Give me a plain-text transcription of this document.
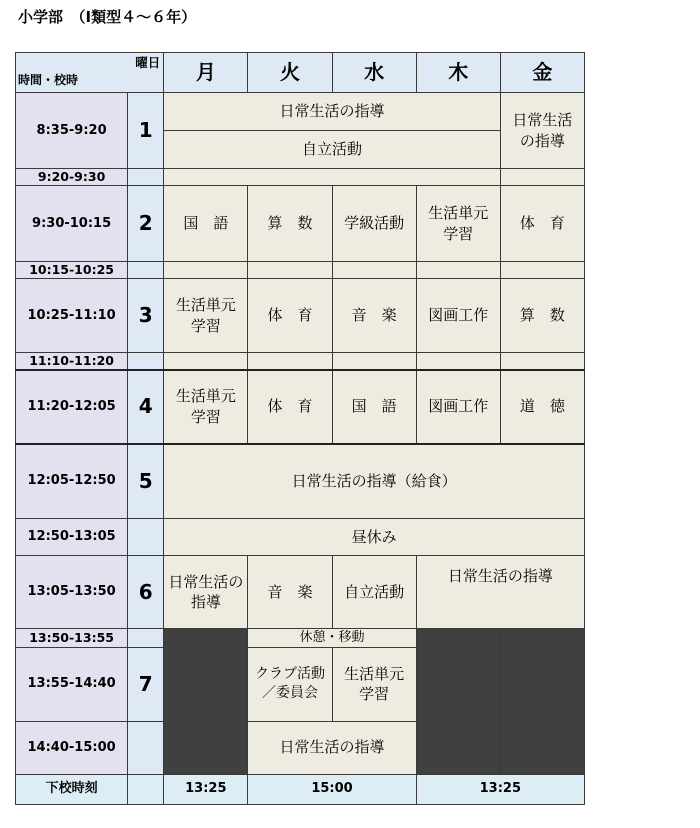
小学部　（Ⅰ類型４～６年）
曜日
時間・校時		月	火	水	木	金
8:35-9:20	1	日常生活の指導				日常生活の指導
		自立活動				
9:20-9:30						
9:30-10:15	2	国　語	算　数	学級活動	生活単元学習	体　育
10:15-10:25						
10:25-11:10	3	生活単元学習	体　育	音　楽	図画工作	算　数
11:10-11:20						
11:20-12:05	4	生活単元学習	体　育	国　語	図画工作	道　徳
12:05-12:50	5	日常生活の指導（給食）				
12:50-13:05		昼休み				
13:05-13:50	6	日常生活の指導	音　楽	自立活動	日常生活の指導	
13:50-13:55			休憩・移動			
13:55-14:40	7		クラブ活動／委員会	生活単元学習		
14:40-15:00			日常生活の指導			
下校時刻		13:25	15:00		13:25	
